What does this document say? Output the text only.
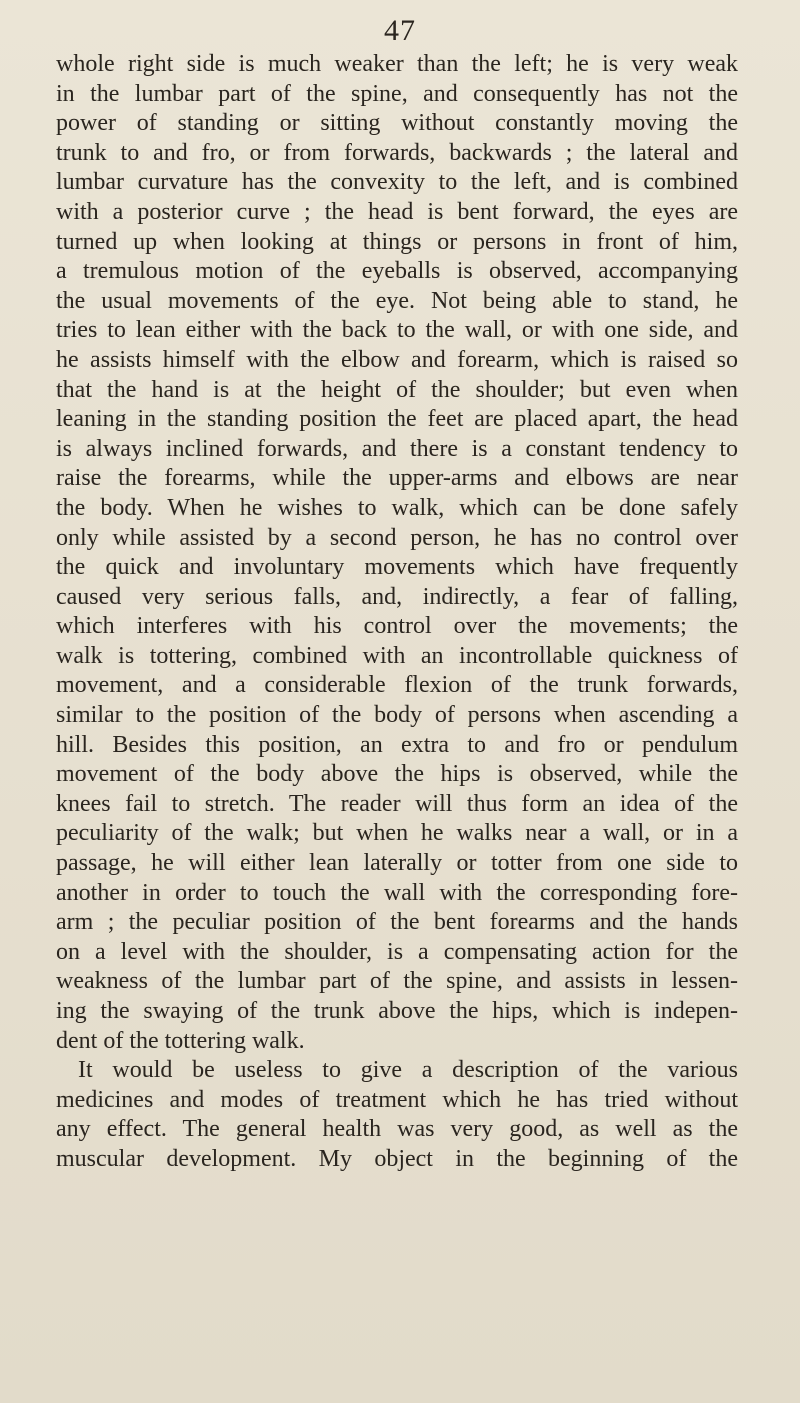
47

whole right side is much weaker than the left; he is very weak

in the lumbar part of the spine, and consequently has not the

power of standing or sitting without constantly moving the

trunk to and fro, or from forwards, backwards ; the lateral and

lumbar curvature has the convexity to the left, and is combined

with a posterior curve ; the head is bent forward, the eyes are

turned up when looking at things or persons in front of him,

a tremulous motion of the eyeballs is observed, accompanying

the usual movements of the eye. Not being able to stand, he

tries to lean either with the back to the wall, or with one side, and

he assists himself with the elbow and forearm, which is raised so

that the hand is at the height of the shoulder; but even when

leaning in the standing position the feet are placed apart, the head

is always inclined forwards, and there is a constant tendency to

raise the forearms, while the upper-arms and elbows are near

the body. When he wishes to walk, which can be done safely

only while assisted by a second person, he has no control over

the quick and involuntary movements which have frequently

caused very serious falls, and, indirectly, a fear of falling,

which interferes with his control over the movements; the

walk is tottering, combined with an incontrollable quickness of

movement, and a considerable flexion of the trunk forwards,

similar to the position of the body of persons when ascending a

hill. Besides this position, an extra to and fro or pendulum

movement of the body above the hips is observed, while the

knees fail to stretch. The reader will thus form an idea of the

peculiarity of the walk; but when he walks near a wall, or in a

passage, he will either lean laterally or totter from one side to

another in order to touch the wall with the corresponding fore-

arm ; the peculiar position of the bent forearms and the hands

on a level with the shoulder, is a compensating action for the

weakness of the lumbar part of the spine, and assists in lessen-

ing the swaying of the trunk above the hips, which is indepen-

dent of the tottering walk.

It would be useless to give a description of the various

medicines and modes of treatment which he has tried without

any effect. The general health was very good, as well as the

muscular development. My object in the beginning of the
